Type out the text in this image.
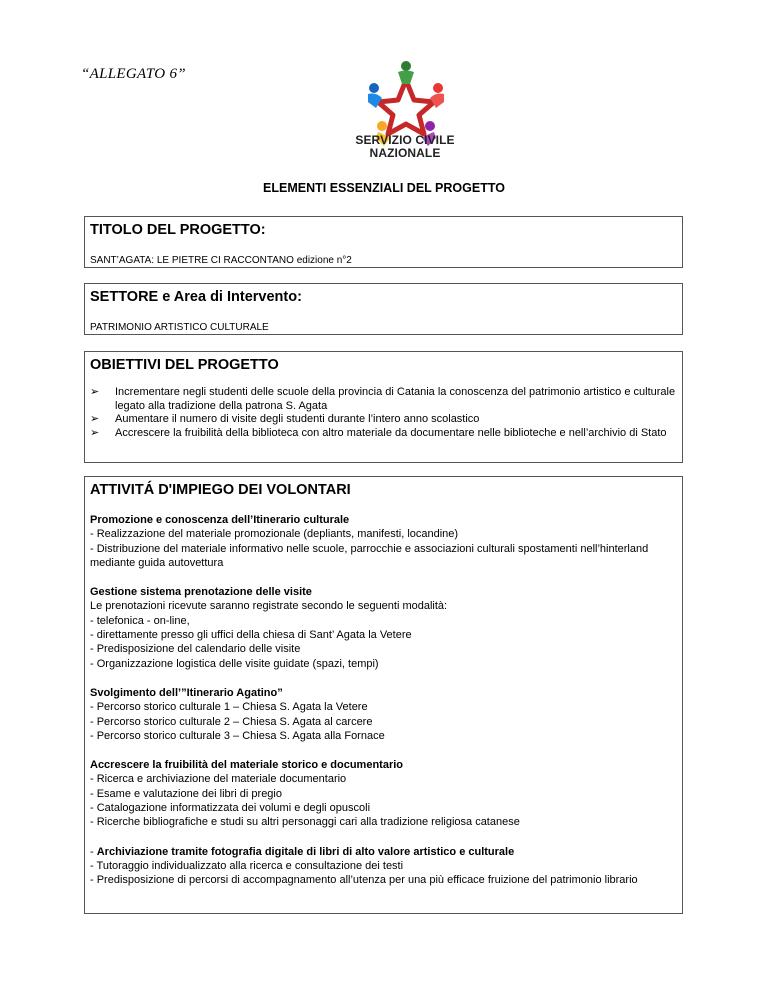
“ALLEGATO 6”
SERVIZIO CIVILE
NAZIONALE
ELEMENTI ESSENZIALI DEL PROGETTO
TITOLO DEL PROGETTO:
SANT’AGATA: LE PIETRE CI RACCONTANO edizione n°2
SETTORE e Area di Intervento:
PATRIMONIO ARTISTICO CULTURALE
OBIETTIVI DEL PROGETTO
➢ Incrementare negli studenti delle scuole della provincia di Catania la conoscenza del patrimonio artistico e culturale legato alla tradizione della patrona S. Agata
➢ Aumentare il numero di visite degli studenti durante l’intero anno scolastico
➢ Accrescere la fruibilità della biblioteca con altro materiale da documentare nelle biblioteche e nell’archivio di Stato
ATTIVITÁ D'IMPIEGO DEI VOLONTARI
Promozione e conoscenza dell’Itinerario culturale
- Realizzazione del materiale promozionale (depliants, manifesti, locandine)
- Distribuzione del materiale informativo nelle scuole, parrocchie e associazioni culturali spostamenti nell’hinterland mediante guida autovettura
Gestione sistema prenotazione delle visite
Le prenotazioni ricevute saranno registrate secondo le seguenti modalità:
- telefonica - on-line,
- direttamente presso gli uffici della chiesa di Sant’ Agata la Vetere
- Predisposizione del calendario delle visite
- Organizzazione logistica delle visite guidate (spazi, tempi)
Svolgimento dell’”Itinerario Agatino”
- Percorso storico culturale 1 – Chiesa S. Agata la Vetere
- Percorso storico culturale 2 – Chiesa S. Agata al carcere
- Percorso storico culturale 3 – Chiesa S. Agata alla Fornace
Accrescere la fruibilità del materiale storico e documentario
- Ricerca e archiviazione del materiale documentario
- Esame e valutazione dei libri di pregio
- Catalogazione informatizzata dei volumi e degli opuscoli
- Ricerche bibliografiche e studi su altri personaggi cari alla tradizione religiosa catanese
- Archiviazione tramite fotografia digitale di libri di alto valore artistico e culturale
- Tutoraggio individualizzato alla ricerca e consultazione dei testi
- Predisposizione di percorsi di accompagnamento all’utenza per una più efficace fruizione del patrimonio librario
